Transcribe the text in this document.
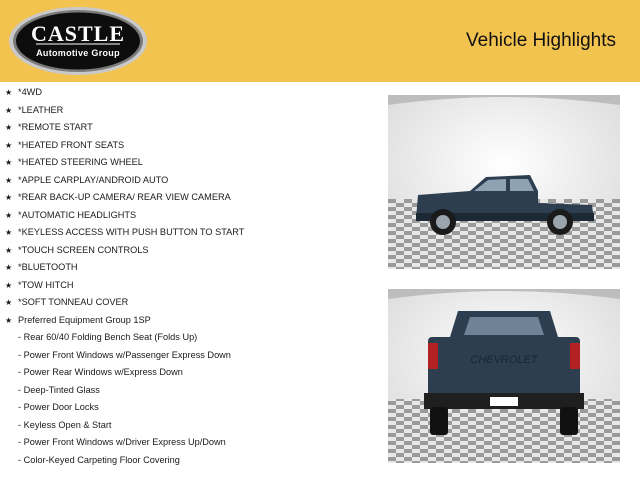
CASTLE
Automotive Group
Vehicle Highlights
★ *4WD
★ *LEATHER
★ *REMOTE START
★ *HEATED FRONT SEATS
★ *HEATED STEERING WHEEL
★ *APPLE CARPLAY/ANDROID AUTO
★ *REAR BACK-UP CAMERA/ REAR VIEW CAMERA
★ *AUTOMATIC HEADLIGHTS
★ *KEYLESS ACCESS WITH PUSH BUTTON TO START
★ *TOUCH SCREEN CONTROLS
★ *BLUETOOTH
★ *TOW HITCH
★ *SOFT TONNEAU COVER
★ Preferred Equipment Group 1SP
- Rear 60/40 Folding Bench Seat (Folds Up)
- Power Front Windows w/Passenger Express Down
- Power Rear Windows w/Express Down
- Deep-Tinted Glass
- Power Door Locks
- Keyless Open & Start
- Power Front Windows w/Driver Express Up/Down
- Color-Keyed Carpeting Floor Covering
CHEVROLET
